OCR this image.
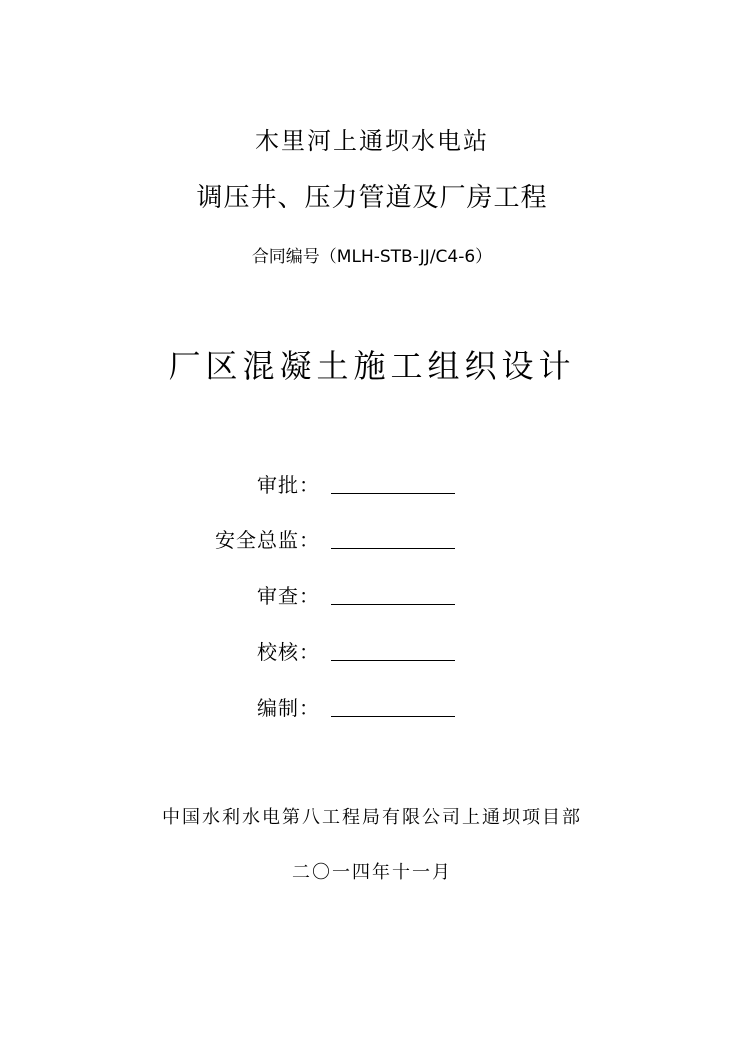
木里河上通坝水电站
调压井、压力管道及厂房工程
合同编号（MLH-STB-JJ/C4-6）
厂区混凝土施工组织设计
审批：
安全总监：
审查：
校核：
编制：
中国水利水电第八工程局有限公司上通坝项目部
二〇一四年十一月
